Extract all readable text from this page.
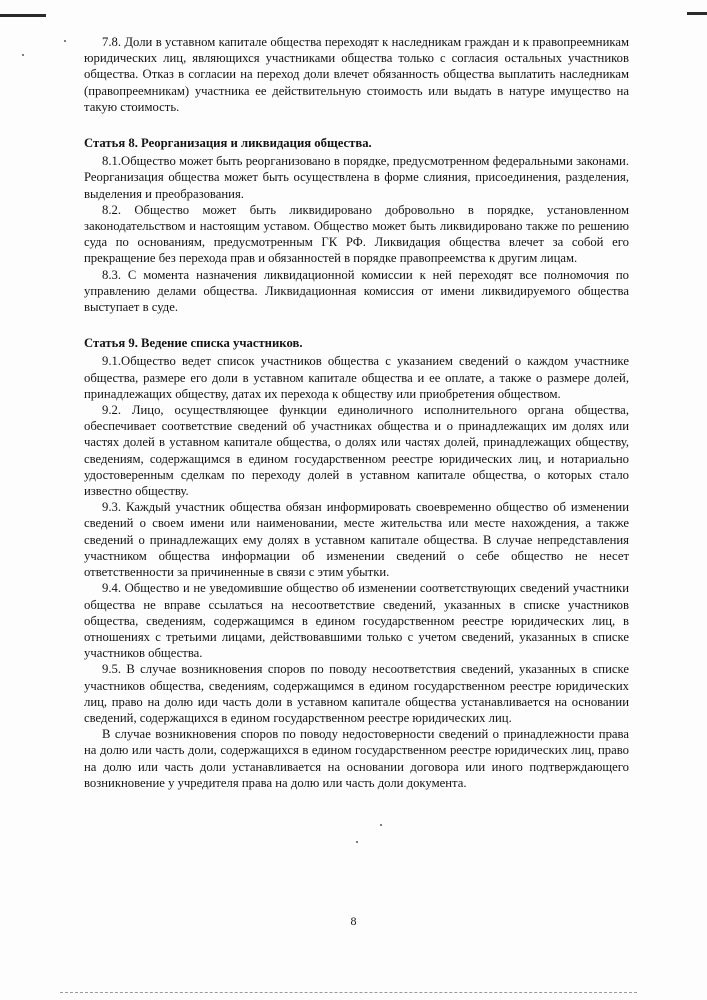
7.8. Доли в уставном капитале общества переходят к наследникам граждан и к правопреемникам юридических лиц, являющихся участниками общества только с согласия остальных участников общества. Отказ в согласии на переход доли влечет обязанность общества выплатить наследникам (правопреемникам) участника ее действительную стоимость или выдать в натуре имущество на такую стоимость.

Статья 8. Реорганизация и ликвидация общества.

8.1.Общество может быть реорганизовано в порядке, предусмотренном федеральными законами. Реорганизация общества может быть осуществлена в форме слияния, присоединения, разделения, выделения и преобразования.

8.2. Общество может быть ликвидировано добровольно в порядке, установленном законодательством и настоящим уставом. Общество может быть ликвидировано также по решению суда по основаниям, предусмотренным ГК РФ. Ликвидация общества влечет за собой его прекращение без перехода прав и обязанностей в порядке правопреемства к другим лицам.

8.3. С момента назначения ликвидационной комиссии к ней переходят все полномочия по управлению делами общества. Ликвидационная комиссия от имени ликвидируемого общества выступает в суде.

Статья 9. Ведение списка участников.

9.1.Общество ведет список участников общества с указанием сведений о каждом участнике общества, размере его доли в уставном капитале общества и ее оплате, а также о размере долей, принадлежащих обществу, датах их перехода к обществу или приобретения обществом.

9.2. Лицо, осуществляющее функции единоличного исполнительного органа общества, обеспечивает соответствие сведений об участниках общества и о принадлежащих им долях или частях долей в уставном капитале общества, о долях или частях долей, принадлежащих обществу, сведениям, содержащимся в едином государственном реестре юридических лиц, и нотариально удостоверенным сделкам по переходу долей в уставном капитале общества, о которых стало известно обществу.

9.3. Каждый участник общества обязан информировать своевременно общество об изменении сведений о своем имени или наименовании, месте жительства или месте нахождения, а также сведений о принадлежащих ему долях в уставном капитале общества. В случае непредставления участником общества информации об изменении сведений о себе общество не несет ответственности за причиненные в связи с этим убытки.

9.4. Общество и не уведомившие общество об изменении соответствующих сведений участники общества не вправе ссылаться на несоответствие сведений, указанных в списке участников общества, сведениям, содержащимся в едином государственном реестре юридических лиц, в отношениях с третьими лицами, действовавшими только с учетом сведений, указанных в списке участников общества.

9.5. В случае возникновения споров по поводу несоответствия сведений, указанных в списке участников общества, сведениям, содержащимся в едином государственном реестре юридических лиц, право на долю иди часть доли в уставном капитале общества устанавливается на основании сведений, содержащихся в едином государственном реестре юридических лиц.

В случае возникновения споров по поводу недостоверности сведений о принадлежности права на долю или часть доли, содержащихся в едином государственном реестре юридических лиц, право на долю или часть доли устанавливается на основании договора или иного подтверждающего возникновение у учредителя права на долю или часть доли документа.

8
